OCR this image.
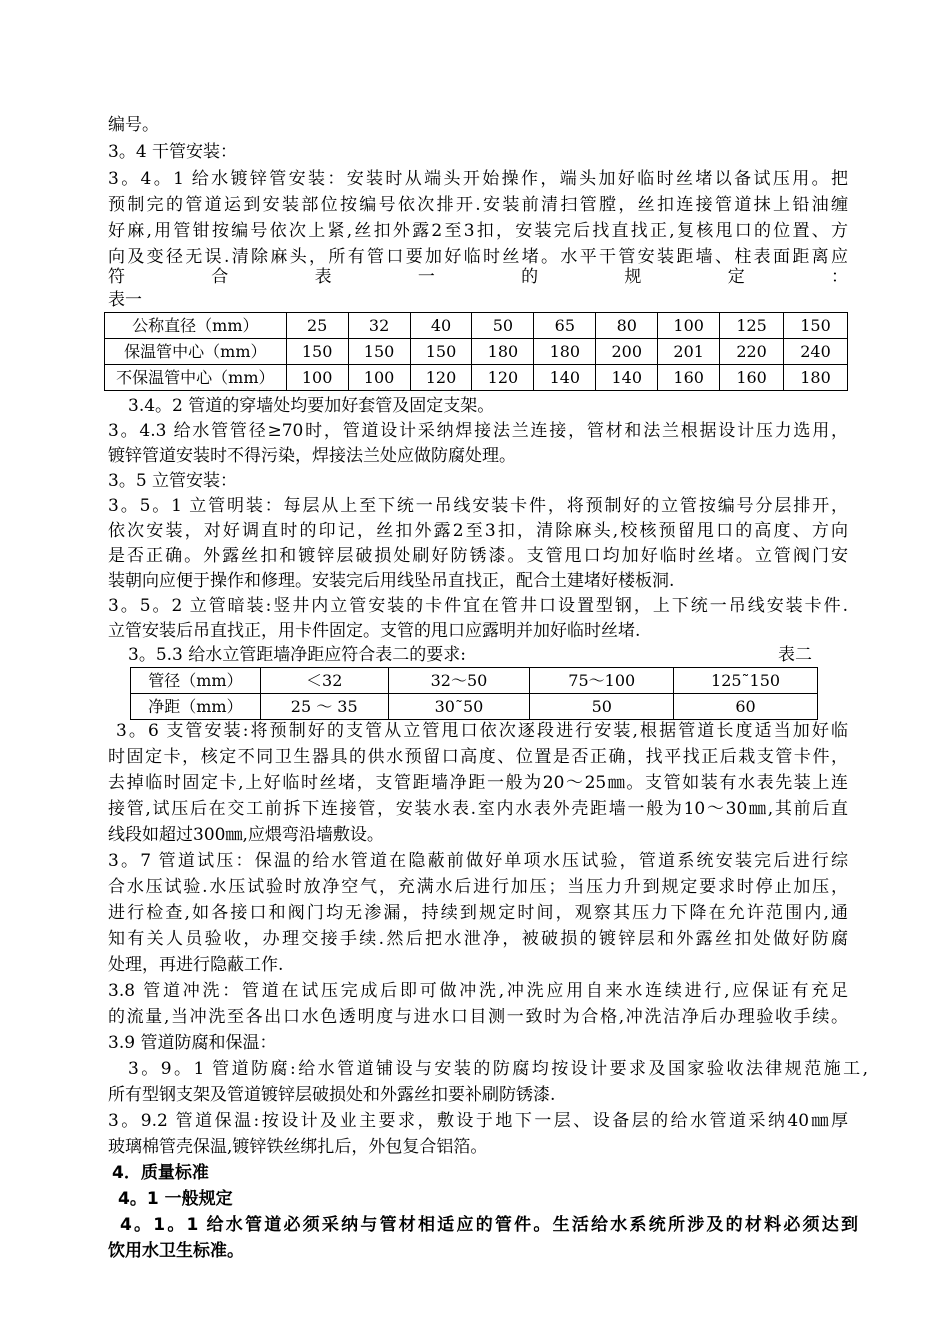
编号。
3。4 干管安装：
3。4。1 给水镀锌管安装：安装时从端头开始操作，端头加好临时丝堵以备试压用。把
预制完的管道运到安装部位按编号依次排开.安装前清扫管膛，丝扣连接管道抹上铅油缠
好麻,用管钳按编号依次上紧,丝扣外露2至3扣，安装完后找直找正,复核甩口的位置、方
向及变径无误.清除麻头，所有管口要加好临时丝堵。水平干管安装距墙、柱表面距离应
符	合	表	一	的	规	定	：
表一
公称直径（mm）	25	32	40	50	65	80	100	125	150
保温管中心（mm）	150	150	150	180	180	200	201	220	240
不保温管中心（mm）	100	100	120	120	140	140	160	160	180
3.4。2 管道的穿墙处均要加好套管及固定支架。
3。4.3 给水管管径≥70时，管道设计采纳焊接法兰连接，管材和法兰根据设计压力选用，
镀锌管道安装时不得污染，焊接法兰处应做防腐处理。
3。5 立管安装：
3。5。1 立管明装：每层从上至下统一吊线安装卡件，将预制好的立管按编号分层排开，
依次安装，对好调直时的印记，丝扣外露2至3扣，清除麻头,校核预留甩口的高度、方向
是否正确。外露丝扣和镀锌层破损处刷好防锈漆。支管甩口均加好临时丝堵。立管阀门安
装朝向应便于操作和修理。安装完后用线坠吊直找正，配合土建堵好楼板洞.
3。5。2 立管暗装:竖井内立管安装的卡件宜在管井口设置型钢，上下统一吊线安装卡件.
立管安装后吊直找正，用卡件固定。支管的甩口应露明并加好临时丝堵.
3。5.3 给水立管距墙净距应符合表二的要求:	表二
管径（mm）	＜32	32～50	75～100	125˜150
净距（mm）	25 ～ 35	30˜50	50	60
3。6 支管安装:将预制好的支管从立管甩口依次逐段进行安装,根据管道长度适当加好临
时固定卡，核定不同卫生器具的供水预留口高度、位置是否正确，找平找正后栽支管卡件，
去掉临时固定卡,上好临时丝堵，支管距墙净距一般为20～25㎜。支管如装有水表先装上连
接管,试压后在交工前拆下连接管，安装水表.室内水表外壳距墙一般为10～30㎜,其前后直
线段如超过300㎜,应煨弯沿墙敷设。
3。7 管道试压：保温的给水管道在隐蔽前做好单项水压试验，管道系统安装完后进行综
合水压试验.水压试验时放净空气，充满水后进行加压；当压力升到规定要求时停止加压，
进行检查,如各接口和阀门均无渗漏，持续到规定时间，观察其压力下降在允许范围内,通
知有关人员验收，办理交接手续.然后把水泄净，被破损的镀锌层和外露丝扣处做好防腐
处理，再进行隐蔽工作.
3.8 管道冲洗：管道在试压完成后即可做冲洗,冲洗应用自来水连续进行,应保证有充足
的流量,当冲洗至各出口水色透明度与进水口目测一致时为合格,冲洗洁净后办理验收手续。
3.9 管道防腐和保温：
3。9。1 管道防腐:给水管道铺设与安装的防腐均按设计要求及国家验收法律规范施工,
所有型钢支架及管道镀锌层破损处和外露丝扣要补刷防锈漆.
3。9.2 管道保温:按设计及业主要求，敷设于地下一层、设备层的给水管道采纳40㎜厚
玻璃棉管壳保温,镀锌铁丝绑扎后，外包复合铝箔。
4．质量标准
4。1 一般规定
4。1。1 给水管道必须采纳与管材相适应的管件。生活给水系统所涉及的材料必须达到
饮用水卫生标准。
